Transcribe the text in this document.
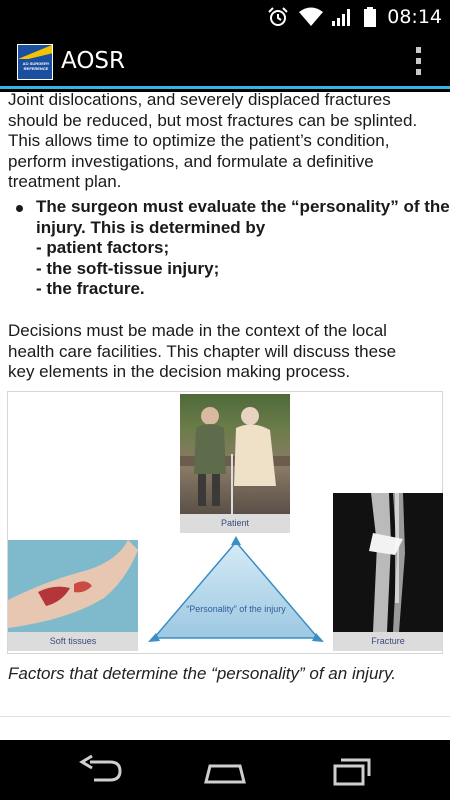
08:14
AO SURGERY REFERENCE AOSR
Joint dislocations, and severely displaced fractures
should be reduced, but most fractures can be splinted.
This allows time to optimize the patient’s condition,
perform investigations, and formulate a definitive
treatment plan.
The surgeon must evaluate the “personality” of the
injury. This is determined by
- patient factors;
- the soft-tissue injury;
- the fracture.
Decisions must be made in the context of the local
health care facilities. This chapter will discuss these
key elements in the decision making process.
Patient
Soft tissues	Fracture
“Personality” of the injury
Factors that determine the “personality” of an injury.
